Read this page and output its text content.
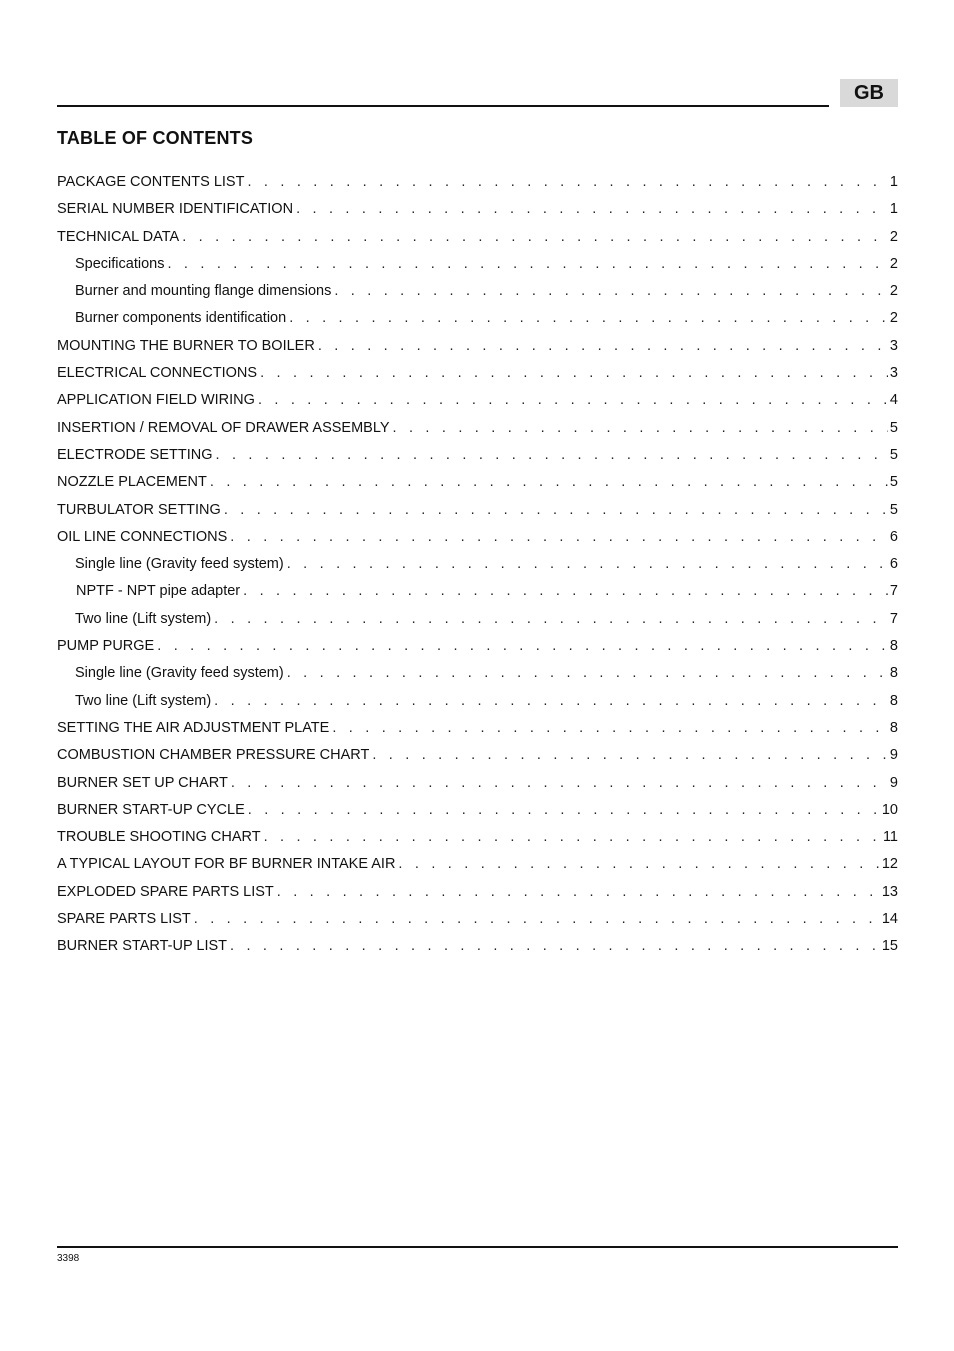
GB
TABLE OF CONTENTS
PACKAGE CONTENTS LIST . . .	1
SERIAL NUMBER IDENTIFICATION . . .	1
TECHNICAL DATA . . .	2
Specifications . . .	2
Burner and mounting flange dimensions . . .	2
Burner components identification . . .	2
MOUNTING THE BURNER TO BOILER . . .	3
ELECTRICAL CONNECTIONS . . .	3
APPLICATION FIELD WIRING . . .	4
INSERTION / REMOVAL OF DRAWER ASSEMBLY . . .	5
ELECTRODE SETTING . . .	5
NOZZLE PLACEMENT . . .	5
TURBULATOR SETTING . . .	5
OIL LINE CONNECTIONS . . .	6
Single line (Gravity feed system) . . .	6
NPTF - NPT pipe adapter . . .	7
Two line (Lift system) . . .	7
PUMP PURGE . . .	8
Single line (Gravity feed system) . . .	8
Two line (Lift system) . . .	8
SETTING THE AIR ADJUSTMENT PLATE . . .	8
COMBUSTION CHAMBER PRESSURE CHART . . .	9
BURNER SET UP CHART . . .	9
BURNER START-UP CYCLE . . .	10
TROUBLE SHOOTING CHART . . .	11
A TYPICAL LAYOUT FOR BF BURNER INTAKE AIR . . .	12
EXPLODED SPARE PARTS LIST . . .	13
SPARE PARTS LIST . . .	14
BURNER START-UP LIST . . .	15
3398
